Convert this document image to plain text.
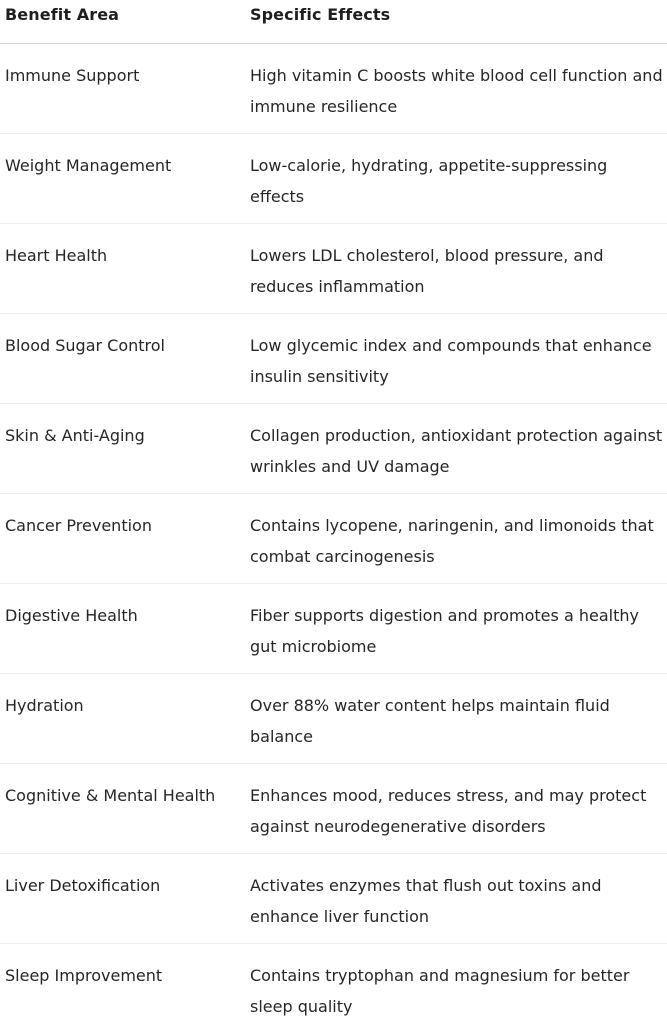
Benefit Area	Specific Effects
Immune Support	High vitamin C boosts white blood cell function and immune resilience
Weight Management	Low-calorie, hydrating, appetite-suppressing effects
Heart Health	Lowers LDL cholesterol, blood pressure, and reduces inflammation
Blood Sugar Control	Low glycemic index and compounds that enhance insulin sensitivity
Skin & Anti-Aging	Collagen production, antioxidant protection against wrinkles and UV damage
Cancer Prevention	Contains lycopene, naringenin, and limonoids that combat carcinogenesis
Digestive Health	Fiber supports digestion and promotes a healthy gut microbiome
Hydration	Over 88% water content helps maintain fluid balance
Cognitive & Mental Health	Enhances mood, reduces stress, and may protect against neurodegenerative disorders
Liver Detoxification	Activates enzymes that flush out toxins and enhance liver function
Sleep Improvement	Contains tryptophan and magnesium for better sleep quality
